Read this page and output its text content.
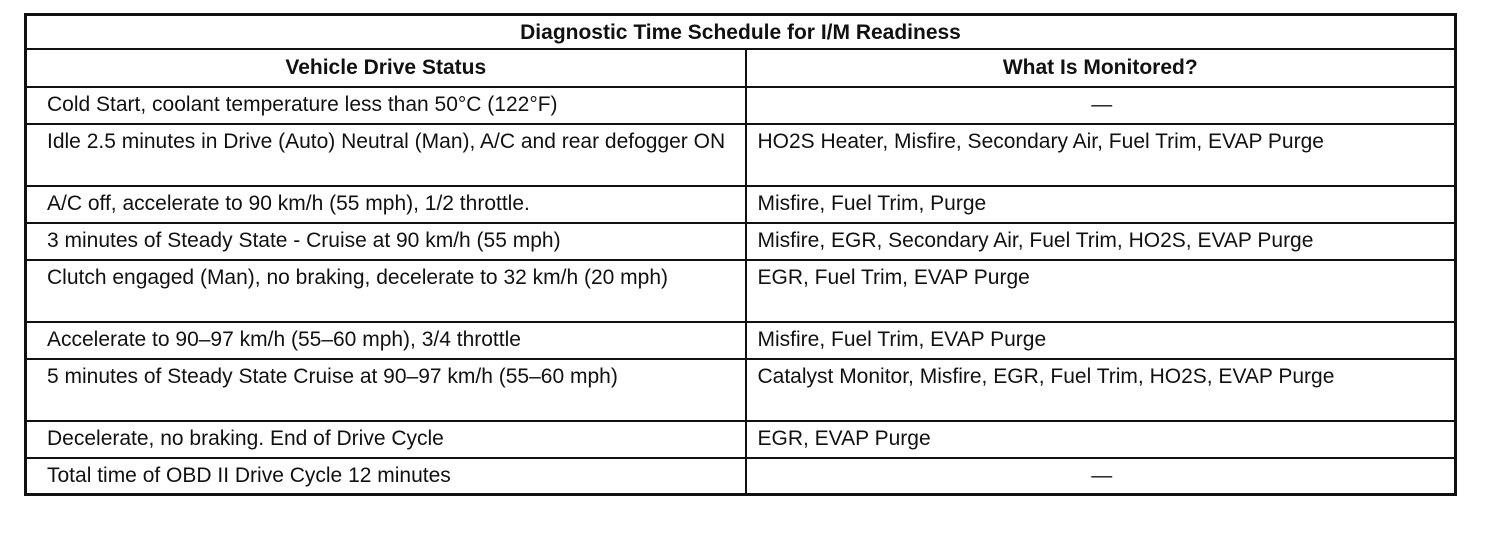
Diagnostic Time Schedule for I/M Readiness	
Vehicle Drive Status	What Is Monitored?
Cold Start, coolant temperature less than 50°C (122°F)	—
Idle 2.5 minutes in Drive (Auto) Neutral (Man), A/C and rear defogger ON	HO2S Heater, Misfire, Secondary Air, Fuel Trim, EVAP Purge
A/C off, accelerate to 90 km/h (55 mph), 1/2 throttle.	Misfire, Fuel Trim, Purge
3 minutes of Steady State - Cruise at 90 km/h (55 mph)	Misfire, EGR, Secondary Air, Fuel Trim, HO2S, EVAP Purge
Clutch engaged (Man), no braking, decelerate to 32 km/h (20 mph)	EGR, Fuel Trim, EVAP Purge
Accelerate to 90–97 km/h (55–60 mph), 3/4 throttle	Misfire, Fuel Trim, EVAP Purge
5 minutes of Steady State Cruise at 90–97 km/h (55–60 mph)	Catalyst Monitor, Misfire, EGR, Fuel Trim, HO2S, EVAP Purge
Decelerate, no braking. End of Drive Cycle	EGR, EVAP Purge
Total time of OBD II Drive Cycle 12 minutes	—
